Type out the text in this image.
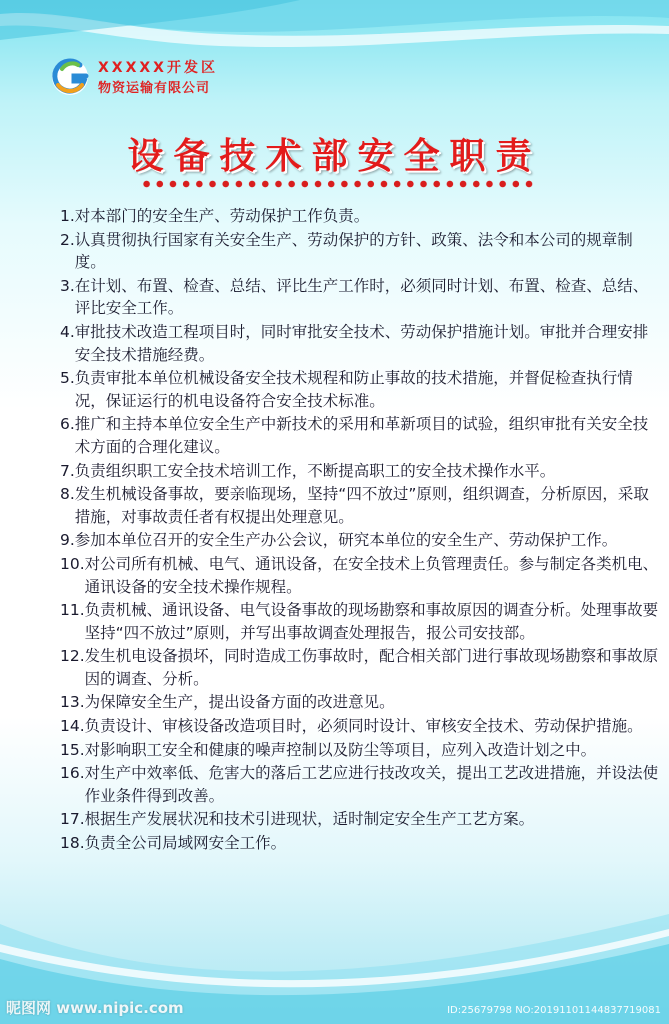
XXXXX开发区
物资运输有限公司
设备技术部安全职责
1. 对本部门的安全生产、劳动保护工作负责。
2. 认真贯彻执行国家有关安全生产、劳动保护的方针、政策、法令和本公司的规章制度。
3. 在计划、布置、检查、总结、评比生产工作时，必须同时计划、布置、检查、总结、评比安全工作。
4. 审批技术改造工程项目时，同时审批安全技术、劳动保护措施计划。审批并合理安排安全技术措施经费。
5. 负责审批本单位机械设备安全技术规程和防止事故的技术措施，并督促检查执行情况，保证运行的机电设备符合安全技术标准。
6. 推广和主持本单位安全生产中新技术的采用和革新项目的试验，组织审批有关安全技术方面的合理化建议。
7. 负责组织职工安全技术培训工作，不断提高职工的安全技术操作水平。
8. 发生机械设备事故，要亲临现场，坚持“四不放过”原则，组织调查，分析原因，采取措施，对事故责任者有权提出处理意见。
9. 参加本单位召开的安全生产办公会议，研究本单位的安全生产、劳动保护工作。
10. 对公司所有机械、电气、通讯设备，在安全技术上负管理责任。参与制定各类机电、通讯设备的安全技术操作规程。
11. 负责机械、通讯设备、电气设备事故的现场勘察和事故原因的调查分析。处理事故要坚持“四不放过”原则，并写出事故调查处理报告，报公司安技部。
12. 发生机电设备损坏，同时造成工伤事故时，配合相关部门进行事故现场勘察和事故原因的调查、分析。
13. 为保障安全生产，提出设备方面的改进意见。
14. 负责设计、审核设备改造项目时，必须同时设计、审核安全技术、劳动保护措施。
15. 对影响职工安全和健康的噪声控制以及防尘等项目，应列入改造计划之中。
16. 对生产中效率低、危害大的落后工艺应进行技改攻关，提出工艺改进措施，并设法使作业条件得到改善。
17. 根据生产发展状况和技术引进现状，适时制定安全生产工艺方案。
18. 负责全公司局域网安全工作。
昵图网 www.nipic.com	ID:25679798 NO:20191101144837719081
